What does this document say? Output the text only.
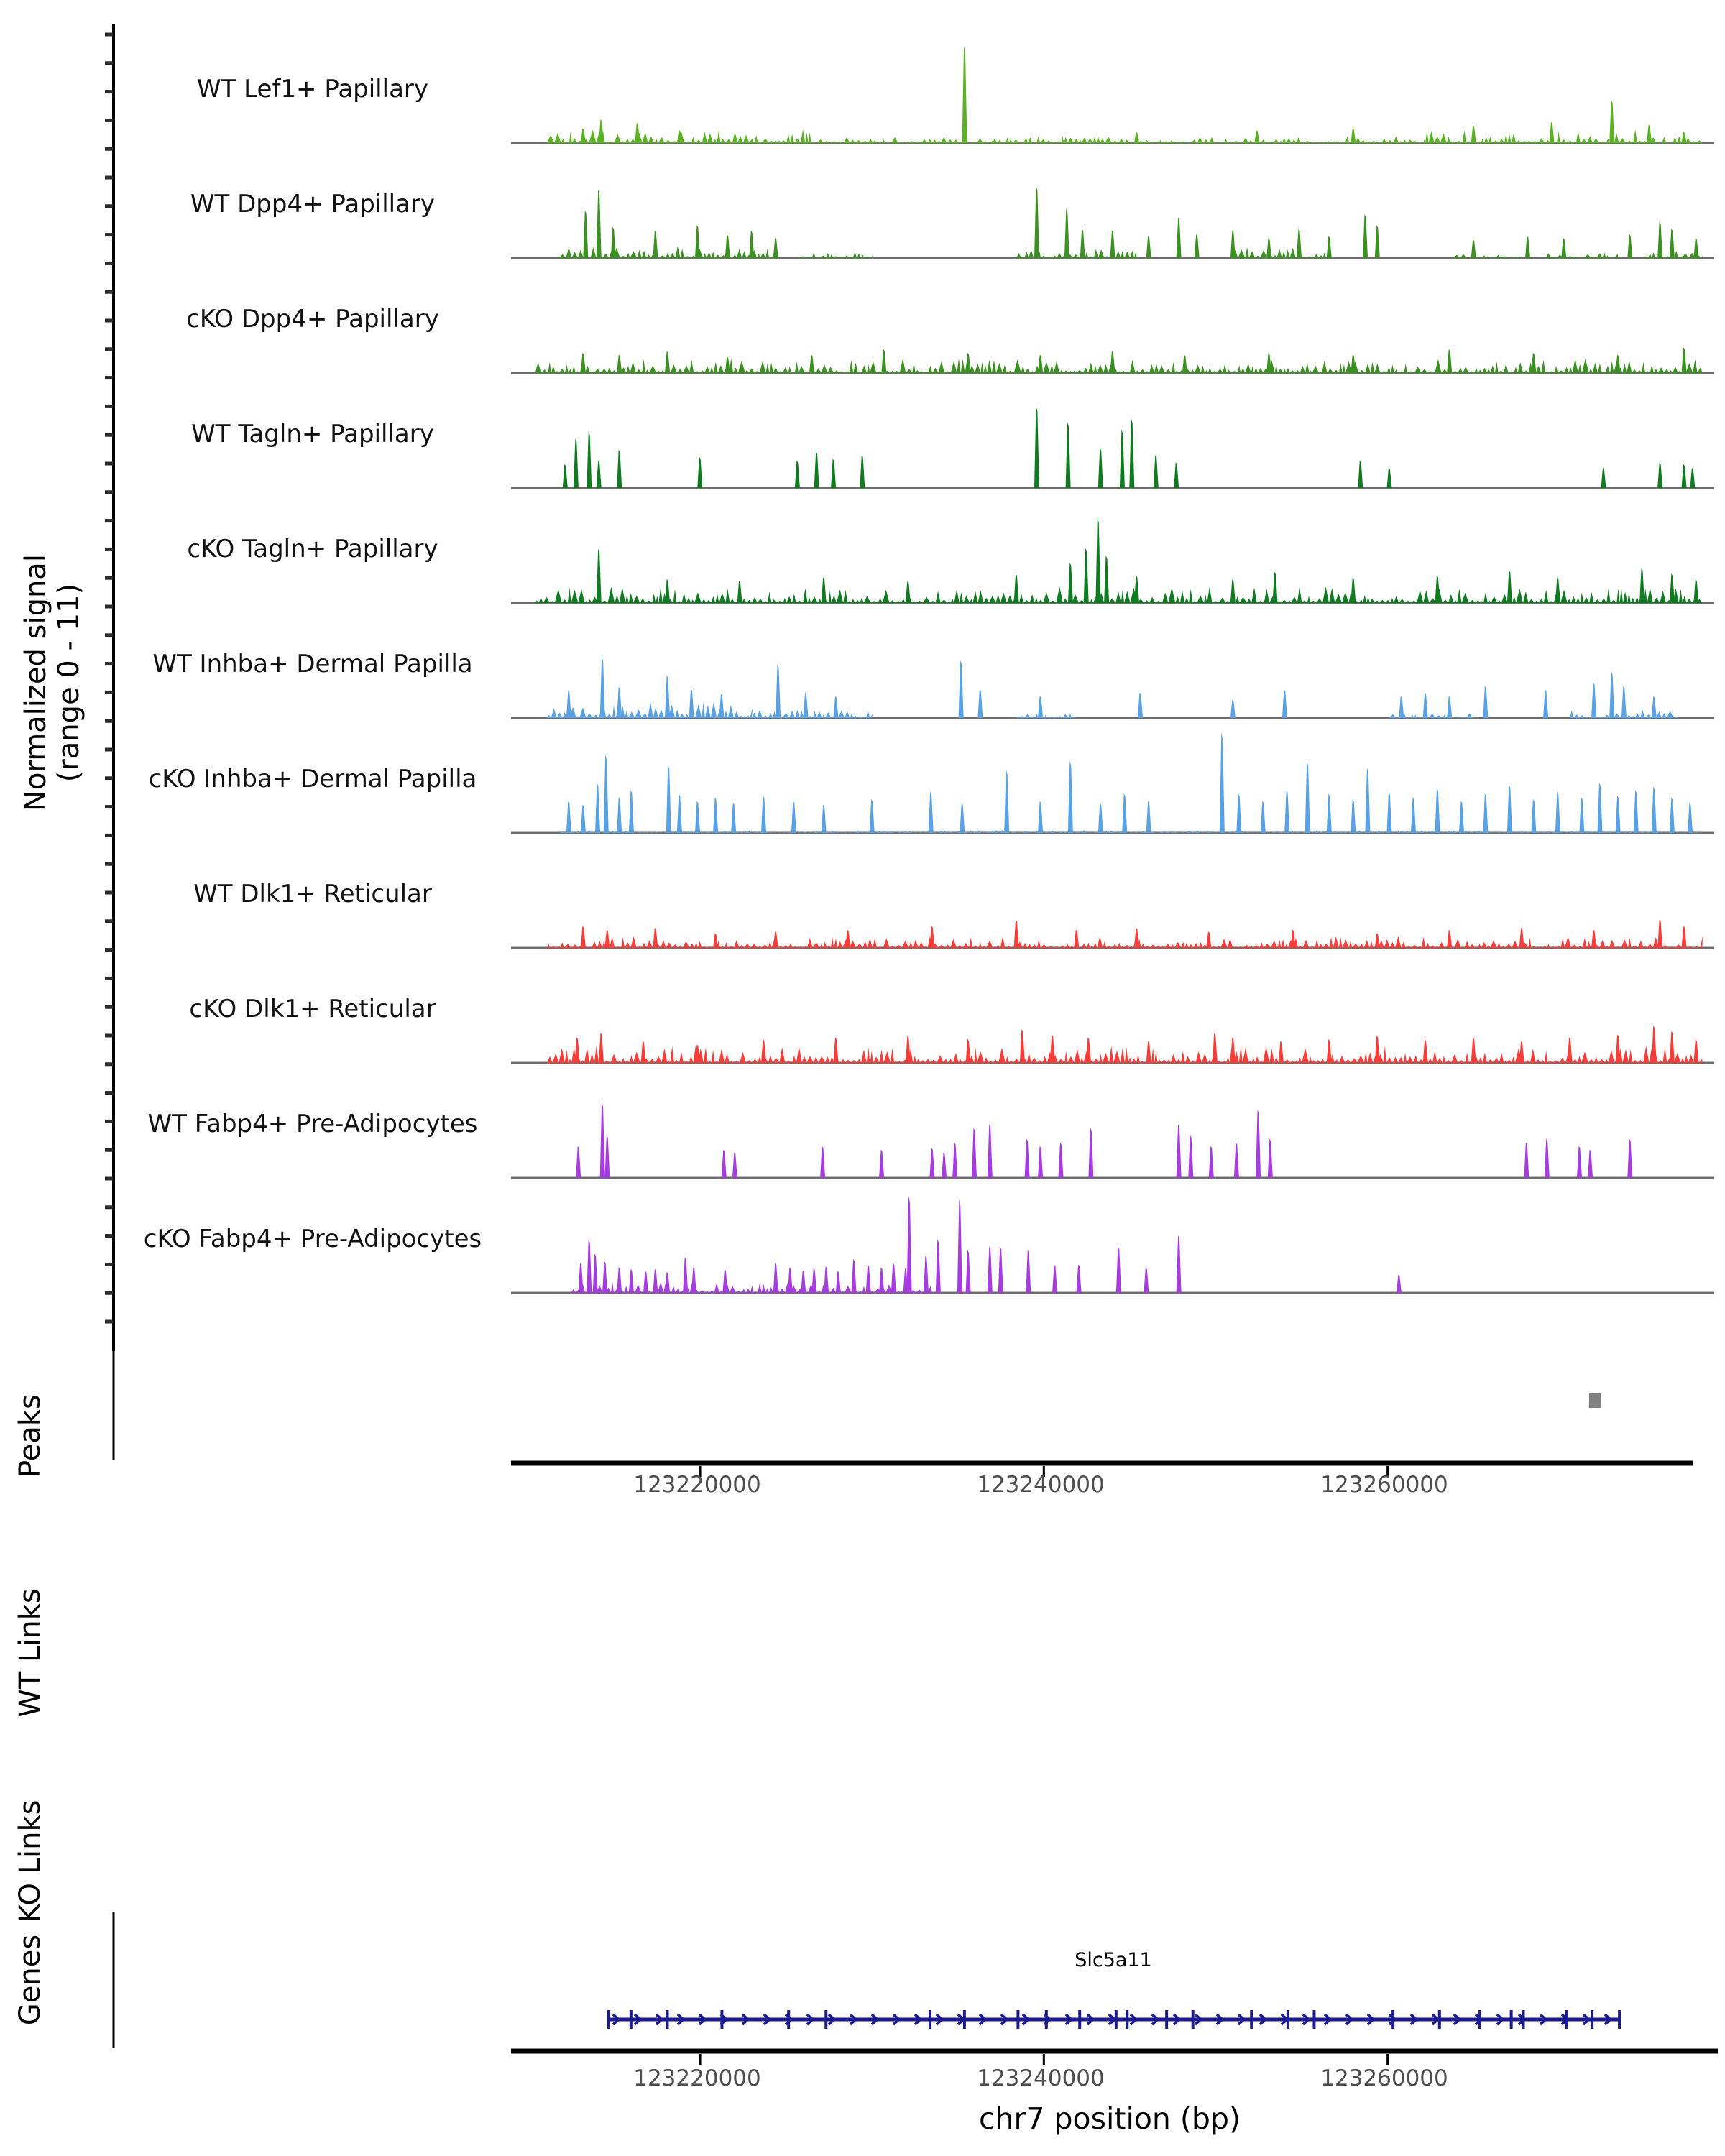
Normalized signal (range 0 - 11)
WT Lef1+ Papillary
WT Dpp4+ Papillary
cKO Dpp4+ Papillary
WT Tagln+ Papillary
cKO Tagln+ Papillary
WT Inhba+ Dermal Papilla
cKO Inhba+ Dermal Papilla
WT Dlk1+ Reticular
cKO Dlk1+ Reticular
WT Fabp4+ Pre-Adipocytes
cKO Fabp4+ Pre-Adipocytes
Peaks
WT Links
KO Links
Genes
123220000	123240000	123260000
123220000	123240000	123260000
Slc5a11
chr7 position (bp)
